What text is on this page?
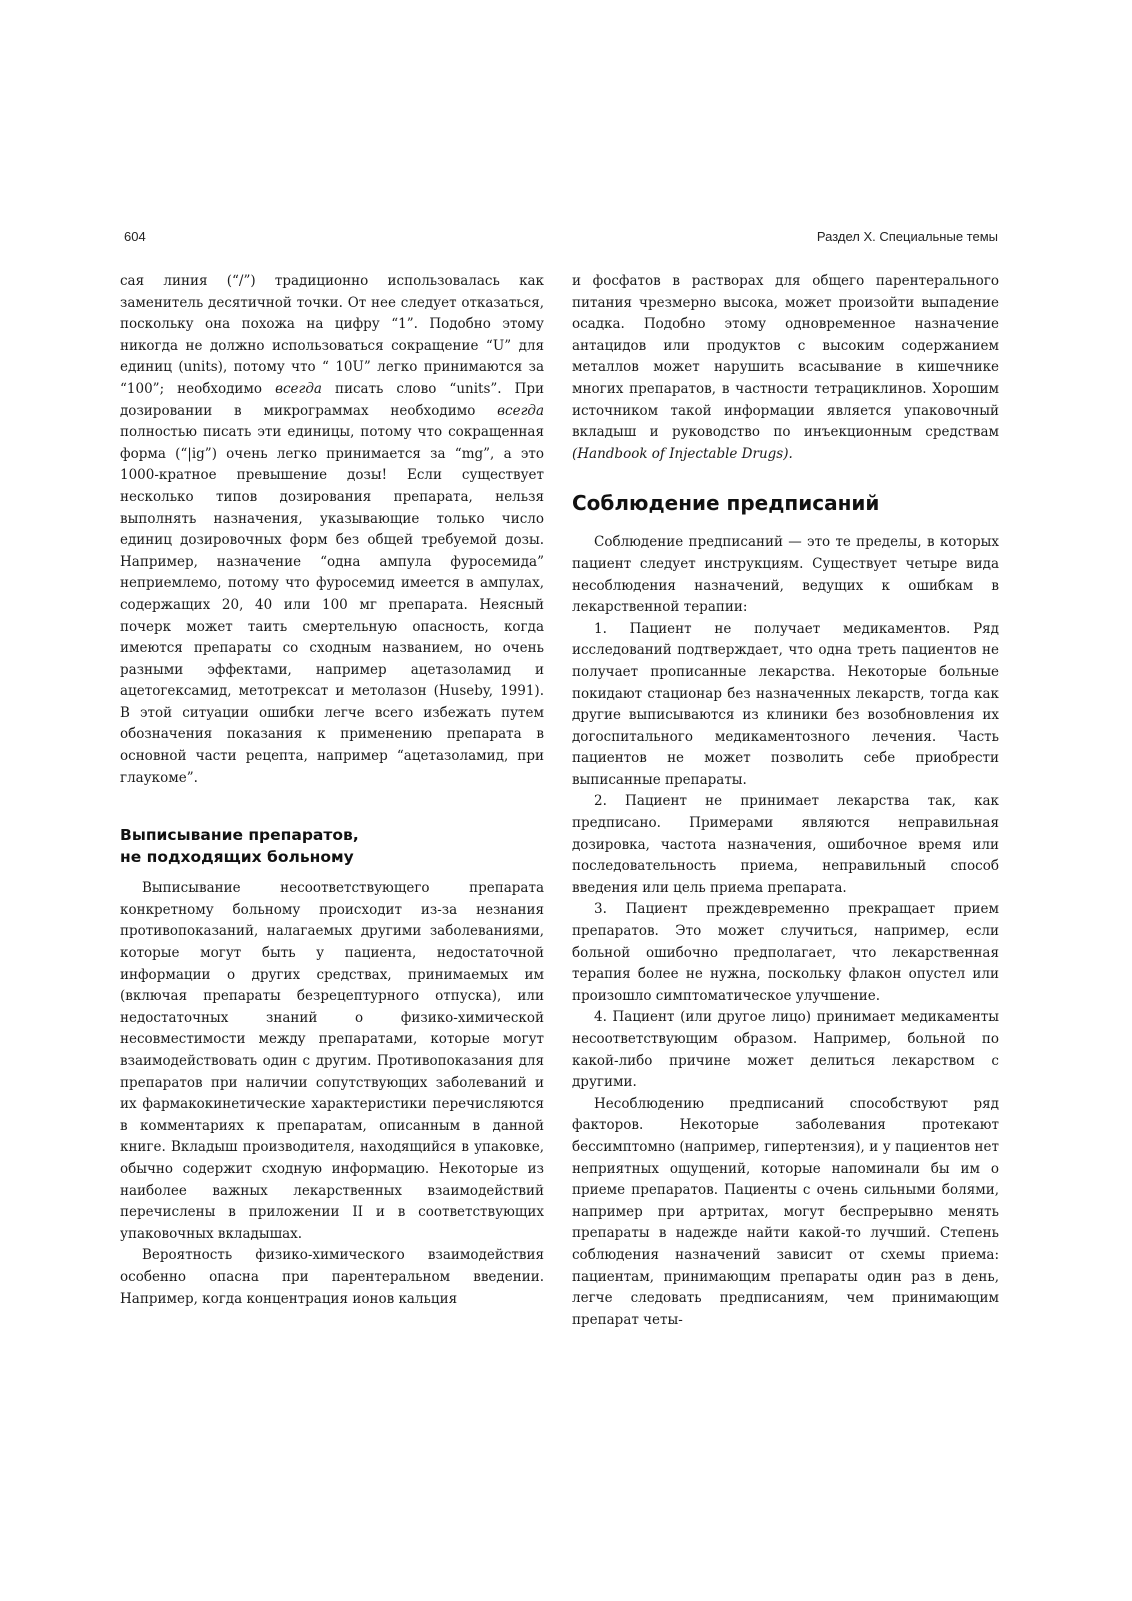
604	Раздел X. Специальные темы

сая линия (“/”) традиционно использовалась как заменитель десятичной точки. От нее следует отказаться, поскольку она похожа на цифру “1”. Подобно этому никогда не должно использоваться сокращение “U” для единиц (units), потому что “ 10U” легко принимаются за “100”; необходимо всегда писать слово “units”. При дозировании в микрограммах необходимо всегда полностью писать эти единицы, потому что сокращенная форма (“|ig”) очень легко принимается за “mg”, а это 1000-кратное превышение дозы! Если существует несколько типов дозирования препарата, нельзя выполнять назначения, указывающие только число единиц дозировочных форм без общей требуемой дозы. Например, назначение “одна ампула фуросемида” неприемлемо, потому что фуросемид имеется в ампулах, содержащих 20, 40 или 100 мг препарата. Неясный почерк может таить смертельную опасность, когда имеются препараты со сходным названием, но очень разными эффектами, например ацетазоламид и ацетогексамид, метотрексат и метолазон (Huseby, 1991). В этой ситуации ошибки легче всего избежать путем обозначения показания к применению препарата в основной части рецепта, например “ацетазоламид, при глаукоме”.

Выписывание препаратов,
не подходящих больному

Выписывание несоответствующего препарата конкретному больному происходит из-за незнания противопоказаний, налагаемых другими заболеваниями, которые могут быть у пациента, недостаточной информации о других средствах, принимаемых им (включая препараты безрецептурного отпуска), или недостаточных знаний о физико-химической несовместимости между препаратами, которые могут взаимодействовать один с другим. Противопоказания для препаратов при наличии сопутствующих заболеваний и их фармакокинетические характеристики перечисляются в комментариях к препаратам, описанным в данной книге. Вкладыш производителя, находящийся в упаковке, обычно содержит сходную информацию. Некоторые из наиболее важных лекарственных взаимодействий перечислены в приложении II и в соответствующих упаковочных вкладышах.

Вероятность физико-химического взаимодействия особенно опасна при парентеральном введении. Например, когда концентрация ионов кальция

и фосфатов в растворах для общего парентерального питания чрезмерно высока, может произойти выпадение осадка. Подобно этому одновременное назначение антацидов или продуктов с высоким содержанием металлов может нарушить всасывание в кишечнике многих препаратов, в частности тетрациклинов. Хорошим источником такой информации является упаковочный вкладыш и руководство по инъекционным средствам (Handbook of Injectable Drugs).

Соблюдение предписаний

Соблюдение предписаний — это те пределы, в которых пациент следует инструкциям. Существует четыре вида несоблюдения назначений, ведущих к ошибкам в лекарственной терапии:

1. Пациент не получает медикаментов. Ряд исследований подтверждает, что одна треть пациентов не получает прописанные лекарства. Некоторые больные покидают стационар без назначенных лекарств, тогда как другие выписываются из клиники без возобновления их догоспитального медикаментозного лечения. Часть пациентов не может позволить себе приобрести выписанные препараты.

2. Пациент не принимает лекарства так, как предписано. Примерами являются неправильная дозировка, частота назначения, ошибочное время или последовательность приема, неправильный способ введения или цель приема препарата.

3. Пациент преждевременно прекращает прием препаратов. Это может случиться, например, если больной ошибочно предполагает, что лекарственная терапия более не нужна, поскольку флакон опустел или произошло симптоматическое улучшение.

4. Пациент (или другое лицо) принимает медикаменты несоответствующим образом. Например, больной по какой-либо причине может делиться лекарством с другими.

Несоблюдению предписаний способствуют ряд факторов. Некоторые заболевания протекают бессимптомно (например, гипертензия), и у пациентов нет неприятных ощущений, которые напоминали бы им о приеме препаратов. Пациенты с очень сильными болями, например при артритах, могут беспрерывно менять препараты в надежде найти какой-то лучший. Степень соблюдения назначений зависит от схемы приема: пациентам, принимающим препараты один раз в день, легче следовать предписаниям, чем принимающим препарат четы-
